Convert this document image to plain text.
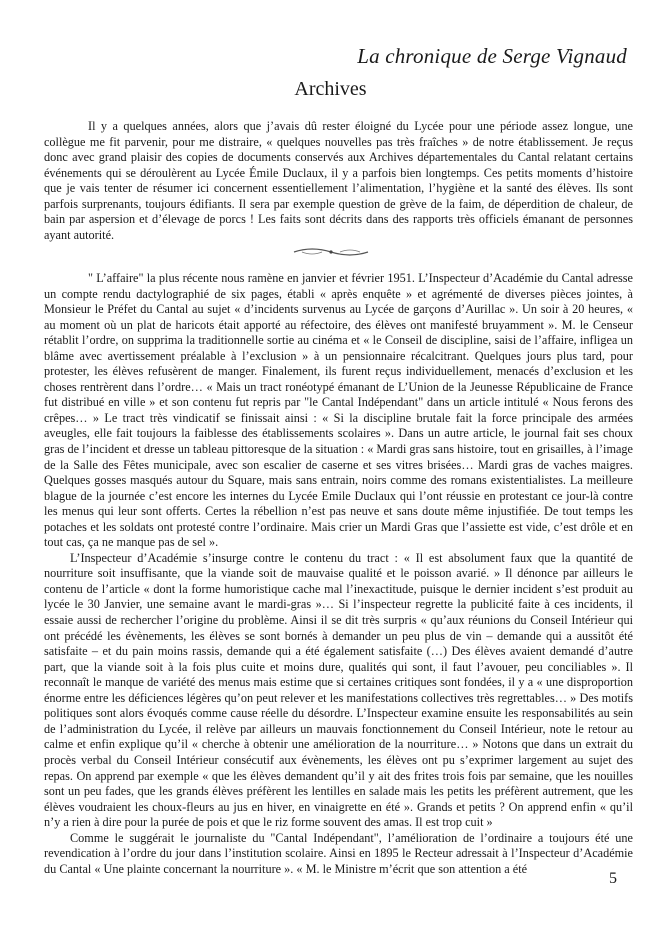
La chronique de Serge Vignaud
Archives

Il y a quelques années, alors que j’avais dû rester éloigné du Lycée pour une période assez longue, une collègue me fit parvenir, pour me distraire, « quelques nouvelles pas très fraîches » de notre établissement. Je reçus donc avec grand plaisir des copies de documents conservés aux Archives départementales du Cantal relatant certains événements qui se déroulèrent au Lycée Émile Duclaux, il y a parfois bien longtemps. Ces petits moments d’histoire que je vais tenter de résumer ici concernent essentiellement l’alimentation, l’hygiène et la santé des élèves. Ils sont parfois surprenants, toujours édifiants. Il sera par exemple question de grève de la faim, de déperdition de chaleur, de bain par aspersion et d’élevage de porcs ! Les faits sont décrits dans des rapports très officiels émanant de personnes ayant autorité.

" L’affaire" la plus récente nous ramène en janvier et février 1951. L’Inspecteur d’Académie du Cantal adresse un compte rendu dactylographié de six pages, établi « après enquête » et agrémenté de diverses pièces jointes, à Monsieur le Préfet du Cantal au sujet « d’incidents survenus au Lycée de garçons d’Aurillac ». Un soir à 20 heures, « au moment où un plat de haricots était apporté au réfectoire, des élèves ont manifesté bruyamment ». M. le Censeur rétablit l’ordre, on supprima la traditionnelle sortie au cinéma et « le Conseil de discipline, saisi de l’affaire, infligea un blâme avec avertissement préalable à l’exclusion » à un pensionnaire récalcitrant. Quelques jours plus tard, pour protester, les élèves refusèrent de manger. Finalement, ils furent reçus individuellement, menacés d’exclusion et les choses rentrèrent dans l’ordre… « Mais un tract ronéotypé émanant de L’Union de la Jeunesse Républicaine de France fut distribué en ville » et son contenu fut repris par "le Cantal Indépendant" dans un article intitulé « Nous ferons des crêpes… » Le tract très vindicatif se finissait ainsi : « Si la discipline brutale fait la force principale des armées aveugles, elle fait toujours la faiblesse des établissements scolaires ». Dans un autre article, le journal fait ses choux gras de l’incident et dresse un tableau pittoresque de la situation : « Mardi gras sans histoire, tout en grisailles, à l’image de la Salle des Fêtes municipale, avec son escalier de caserne et ses vitres brisées… Mardi gras de vaches maigres. Quelques gosses masqués autour du Square, mais sans entrain, noirs comme des romans existentialistes. La meilleure blague de la journée c’est encore les internes du Lycée Emile Duclaux qui l’ont réussie en protestant ce jour-là contre les menus qui leur sont offerts. Certes la rébellion n’est pas neuve et sans doute même injustifiée. De tout temps les potaches et les soldats ont protesté contre l’ordinaire. Mais crier un Mardi Gras que l’assiette est vide, c’est drôle et en tout cas, ça ne manque pas de sel ».

L’Inspecteur d’Académie s’insurge contre le contenu du tract : « Il est absolument faux que la quantité de nourriture soit insuffisante, que la viande soit de mauvaise qualité et le poisson avarié. » Il dénonce par ailleurs le contenu de l’article « dont la forme humoristique cache mal l’inexactitude, puisque le dernier incident s’est produit au lycée le 30 Janvier, une semaine avant le mardi-gras »… Si l’inspecteur regrette la publicité faite à ces incidents, il essaie aussi de rechercher l’origine du problème. Ainsi il se dit très surpris « qu’aux réunions du Conseil Intérieur qui ont précédé les évènements, les élèves se sont bornés à demander un peu plus de vin – demande qui a aussitôt été satisfaite – et du pain moins rassis, demande qui a été également satisfaite (…) Des élèves avaient demandé d’autre part, que la viande soit à la fois plus cuite et moins dure, qualités qui sont, il faut l’avouer, peu conciliables ». Il reconnaît le manque de variété des menus mais estime que si certaines critiques sont fondées, il y a « une disproportion énorme entre les déficiences légères qu’on peut relever et les manifestations collectives très regrettables… » Des motifs politiques sont alors évoqués comme cause réelle du désordre. L’Inspecteur examine ensuite les responsabilités au sein de l’administration du Lycée, il relève par ailleurs un mauvais fonctionnement du Conseil Intérieur, note le retour au calme et enfin explique qu’il « cherche à obtenir une amélioration de la nourriture… » Notons que dans un extrait du procès verbal du Conseil Intérieur consécutif aux évènements, les élèves ont pu s’exprimer largement au sujet des repas. On apprend par exemple « que les élèves demandent qu’il y ait des frites trois fois par semaine, que les nouilles sont un peu fades, que les grands élèves préfèrent les lentilles en salade mais les petits les préfèrent autrement, que les élèves voudraient les choux-fleurs au jus en hiver, en vinaigrette en été ». Grands et petits ? On apprend enfin « qu’il n’y a rien à dire pour la purée de pois et que le riz forme souvent des amas. Il est trop cuit »

Comme le suggérait le journaliste du "Cantal Indépendant", l’amélioration de l’ordinaire a toujours été une revendication à l’ordre du jour dans l’institution scolaire. Ainsi en 1895 le Recteur adressait à l’Inspecteur d’Académie du Cantal « Une plainte concernant la nourriture ». « M. le Ministre m’écrit que son attention a été

5
